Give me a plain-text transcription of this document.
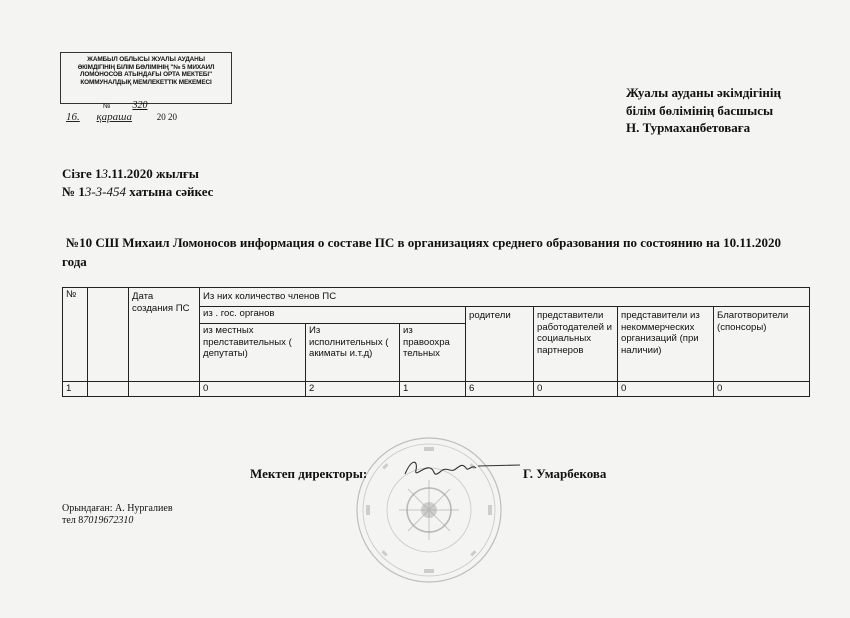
ЖАМБЫЛ ОБЛЫСЫ ЖУАЛЫ АУДАНЫ
ӘКІМДІГІНІҢ БІЛІМ БӨЛІМІНІҢ "№ 5 МИХАИЛ
ЛОМОНОСОВ АТЫНДАҒЫ ОРТА МЕКТЕБІ"
КОММУНАЛДЫҚ МЕМЛЕКЕТТІК МЕКЕМЕСІ
№ 320
16. қараша	20 20
Жуалы ауданы әкімдігінің
білім бөлімінің басшысы
Н. Турмаханбетоваға
Сізге 13.11.2020 жылғы
№ 13-3-454 хатына сәйкес
№10 СШ Михаил Ломоносов информация о составе ПС в организациях среднего образования по состоянию на 10.11.2020 года
№		Дата создания ПС	Из них количество членов ПС						
			из . гос. органов			родители	представители работодателей и социальных партнеров	представители из некоммерческих организаций (при наличии)	Благотворители (спонсоры)
			из местных прелставительных ( депутаты)	Из исполнительных ( акиматы и.т.д)	из правоохра тельных				
1			0	2	1	6	0	0	0
Мектеп директоры:	Г. Умарбекова
Орындаған: А. Нургалиев
тел 87019672310
